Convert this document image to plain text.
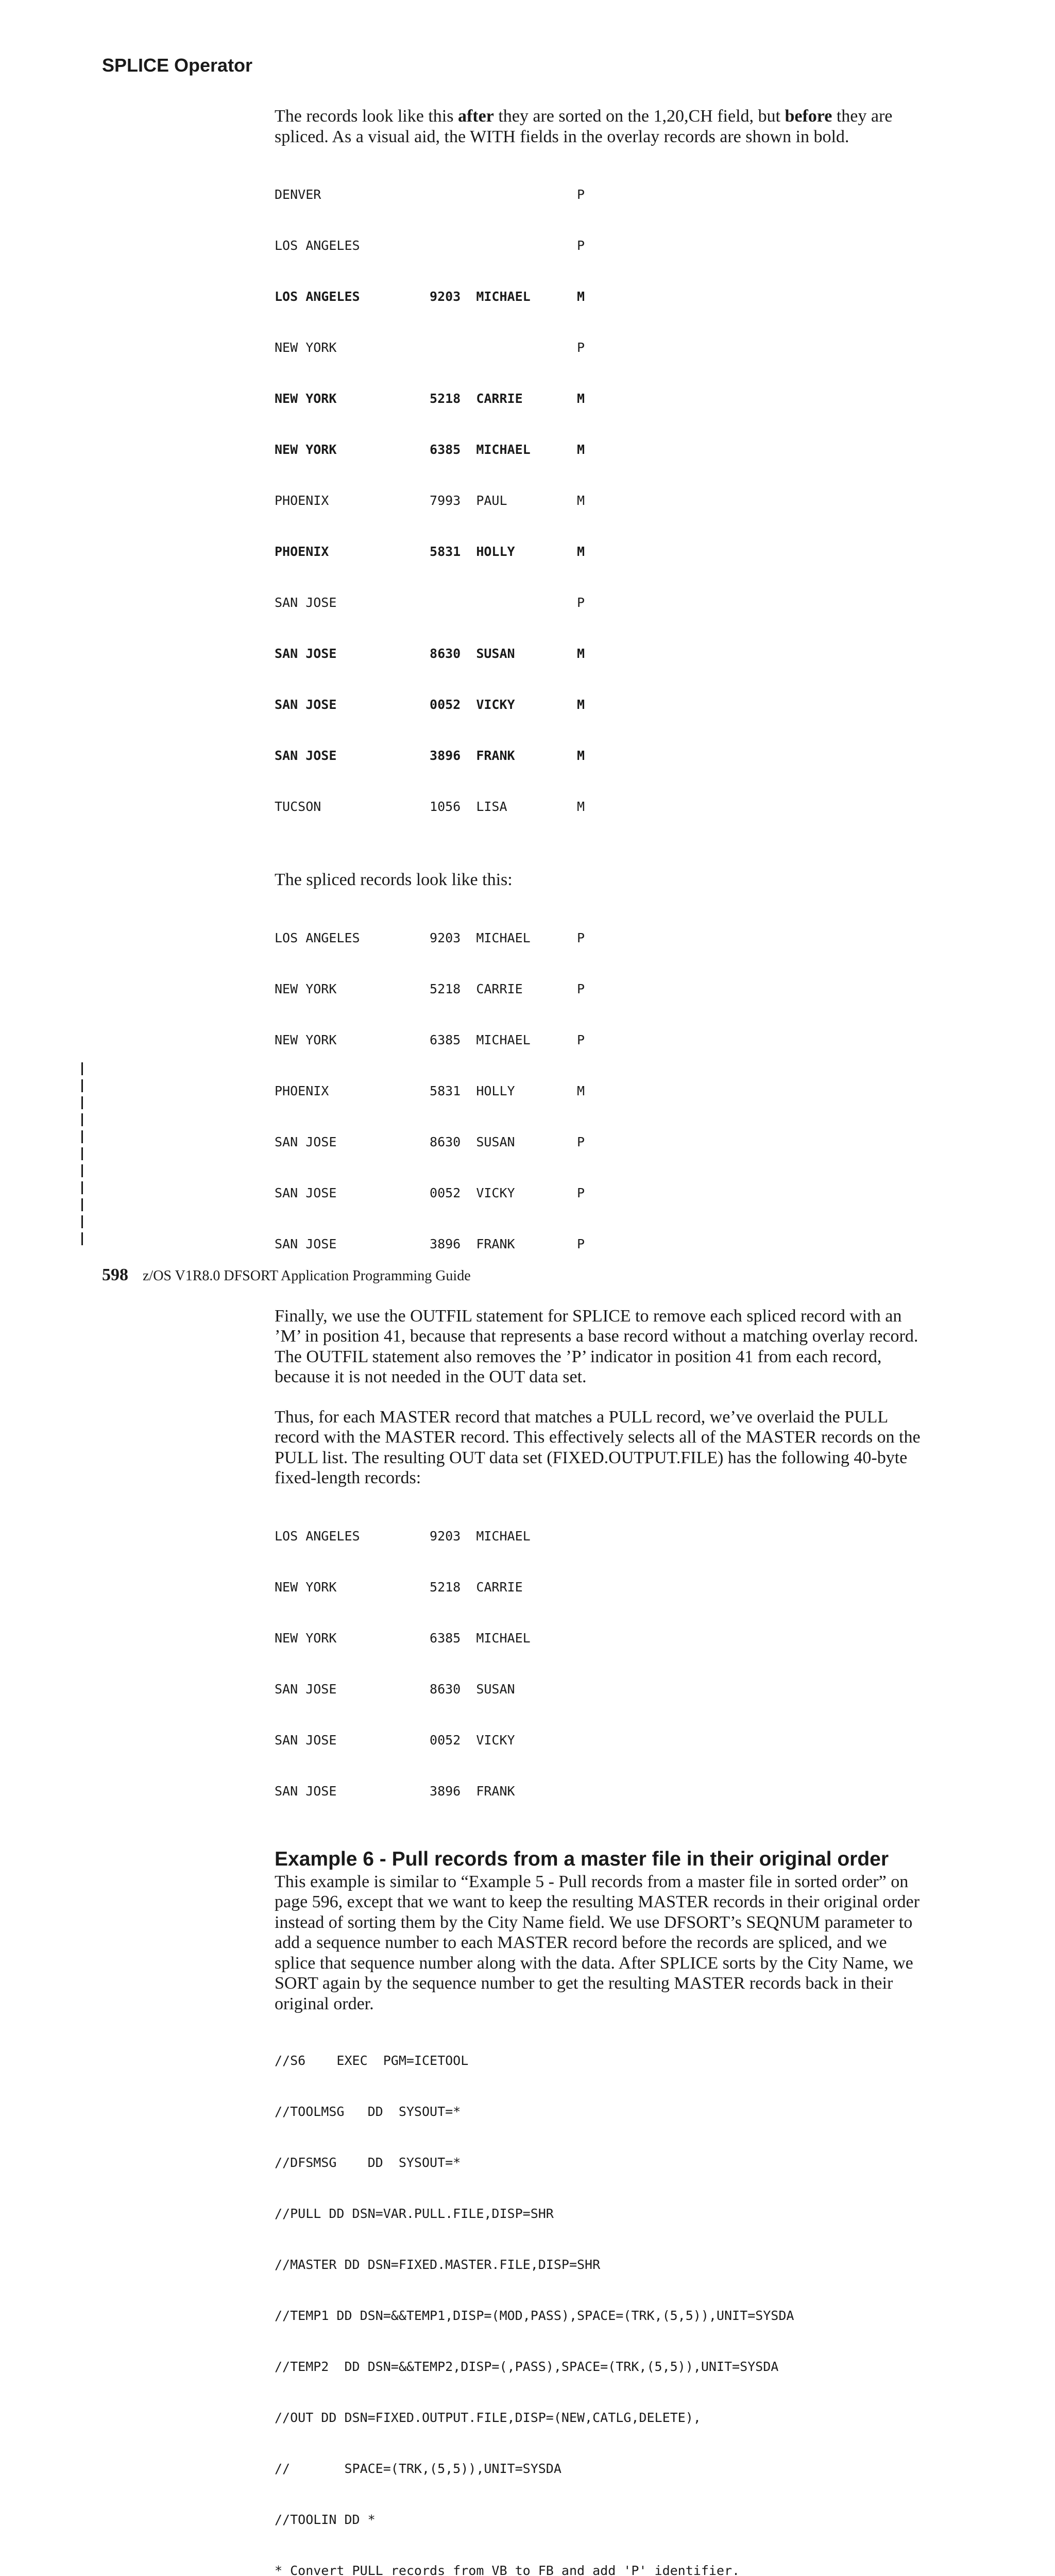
SPLICE Operator

The records look like this after they are sorted on the 1,20,CH field, but before they are spliced. As a visual aid, the WITH fields in the overlay records are shown in bold.

DENVER                                 P

LOS ANGELES                            P

LOS ANGELES         9203  MICHAEL      M

NEW YORK                               P

NEW YORK            5218  CARRIE       M

NEW YORK            6385  MICHAEL      M

PHOENIX             7993  PAUL         M

PHOENIX             5831  HOLLY        M

SAN JOSE                               P

SAN JOSE            8630  SUSAN        M

SAN JOSE            0052  VICKY        M

SAN JOSE            3896  FRANK        M

TUCSON              1056  LISA         M

The spliced records look like this:

LOS ANGELES         9203  MICHAEL      P

NEW YORK            5218  CARRIE       P

NEW YORK            6385  MICHAEL      P

PHOENIX             5831  HOLLY        M

SAN JOSE            8630  SUSAN        P

SAN JOSE            0052  VICKY        P

SAN JOSE            3896  FRANK        P

Finally, we use the OUTFIL statement for SPLICE to remove each spliced record with an ’M’ in position 41, because that represents a base record without a matching overlay record. The OUTFIL statement also removes the ’P’ indicator in position 41 from each record, because it is not needed in the OUT data set.

Thus, for each MASTER record that matches a PULL record, we’ve overlaid the PULL record with the MASTER record. This effectively selects all of the MASTER records on the PULL list. The resulting OUT data set (FIXED.OUTPUT.FILE) has the following 40-byte fixed-length records:

LOS ANGELES         9203  MICHAEL

NEW YORK            5218  CARRIE

NEW YORK            6385  MICHAEL

SAN JOSE            8630  SUSAN

SAN JOSE            0052  VICKY

SAN JOSE            3896  FRANK

Example 6 - Pull records from a master file in their original order

This example is similar to “Example 5 - Pull records from a master file in sorted order” on page 596, except that we want to keep the resulting MASTER records in their original order instead of sorting them by the City Name field. We use DFSORT’s SEQNUM parameter to add a sequence number to each MASTER record before the records are spliced, and we splice that sequence number along with the data. After SPLICE sorts by the City Name, we SORT again by the sequence number to get the resulting MASTER records back in their original order.

//S6    EXEC  PGM=ICETOOL

//TOOLMSG   DD  SYSOUT=*

//DFSMSG    DD  SYSOUT=*

//PULL DD DSN=VAR.PULL.FILE,DISP=SHR

//MASTER DD DSN=FIXED.MASTER.FILE,DISP=SHR

//TEMP1 DD DSN=&&TEMP1,DISP=(MOD,PASS),SPACE=(TRK,(5,5)),UNIT=SYSDA

//TEMP2  DD DSN=&&TEMP2,DISP=(,PASS),SPACE=(TRK,(5,5)),UNIT=SYSDA

//OUT DD DSN=FIXED.OUTPUT.FILE,DISP=(NEW,CATLG,DELETE),

//       SPACE=(TRK,(5,5)),UNIT=SYSDA

//TOOLIN DD *

* Convert PULL records from VB to FB and add 'P' identifier.

598 z/OS V1R8.0 DFSORT Application Programming Guide
